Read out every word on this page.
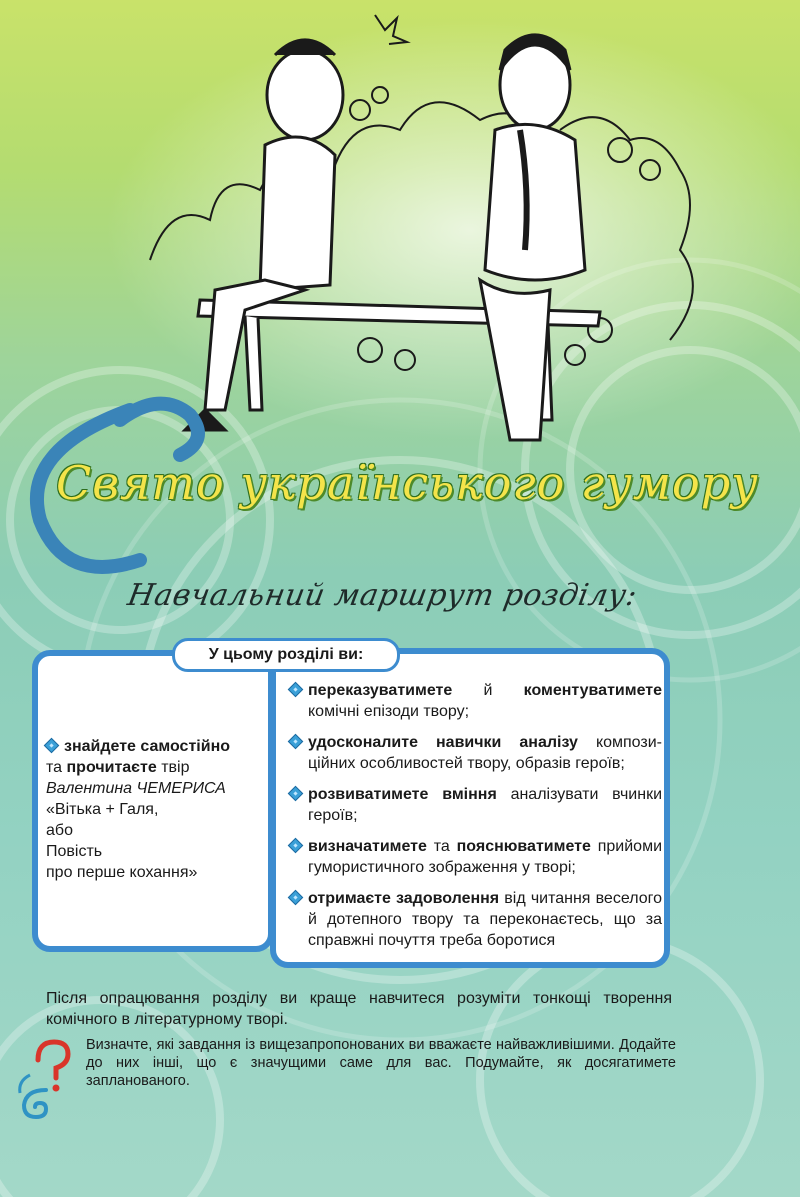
Свято українського гумору
Навчальний маршрут розділу:
У цьому розділі ви:
знайдете самостійно
та прочитаєте твір
Валентина ЧЕМЕРИСА
«Вітька + Галя,
або
Повість
про перше кохання»
переказуватимете й коментуватимете комічні епізоди твору;
удосконалите навички аналізу компози-ційних особливостей твору, образів героїв;
розвиватимете вміння аналізувати вчинки героїв;
визначатимете та пояснюватимете прийоми гумористичного зображення у творі;
отримаєте задоволення від читання веселого й дотепного твору та переконаєтесь, що за справжні почуття треба боротися
Після опрацювання розділу ви краще навчитеся розуміти тонкощі творення комічного в літературному творі.
Визначте, які завдання із вищезапропонованих ви вважаєте найважливішими. Додайте до них інші, що є значущими саме для вас. Подумайте, як досягатимете запланованого.
